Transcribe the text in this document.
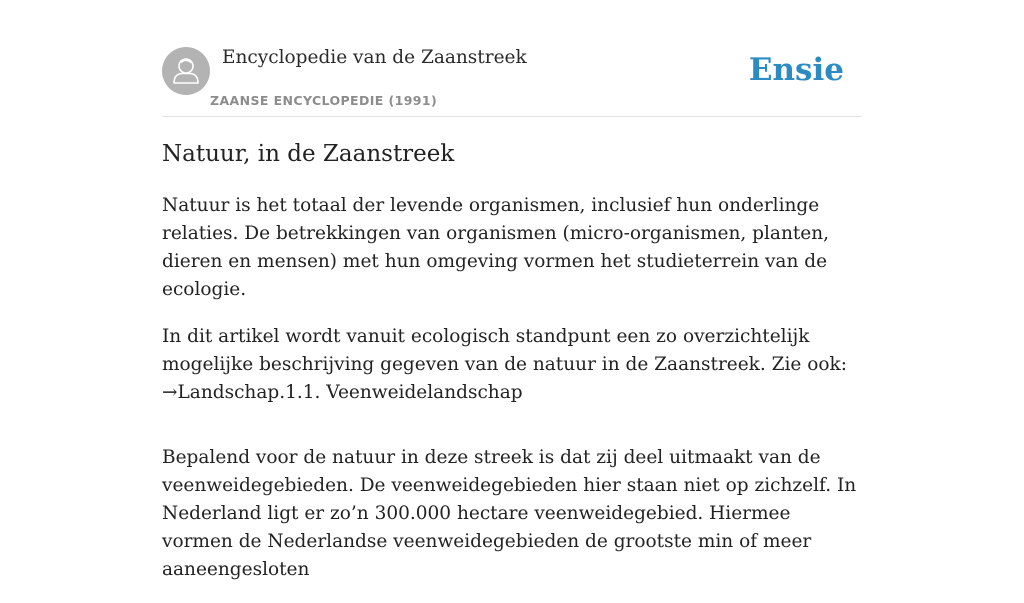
Encyclopedie van de Zaanstreek
ZAANSE ENCYCLOPEDIE (1991)
Ensie
Natuur, in de Zaanstreek

Natuur is het totaal der levende organismen, inclusief hun onderlinge relaties. De betrekkingen van organismen (micro-organismen, planten, dieren en mensen) met hun omgeving vormen het studieterrein van de ecologie.

In dit artikel wordt vanuit ecologisch standpunt een zo overzichtelijk mogelijke beschrijving gegeven van de natuur in de Zaanstreek. Zie ook: →Landschap.1.1. Veenweidelandschap

Bepalend voor de natuur in deze streek is dat zij deel uitmaakt van de veenweidegebieden. De veenweidegebieden hier staan niet op zichzelf. In Nederland ligt er zo’n 300.000 hectare veenweidegebied. Hiermee vormen de Nederlandse veenweidegebieden de grootste min of meer aaneengesloten
